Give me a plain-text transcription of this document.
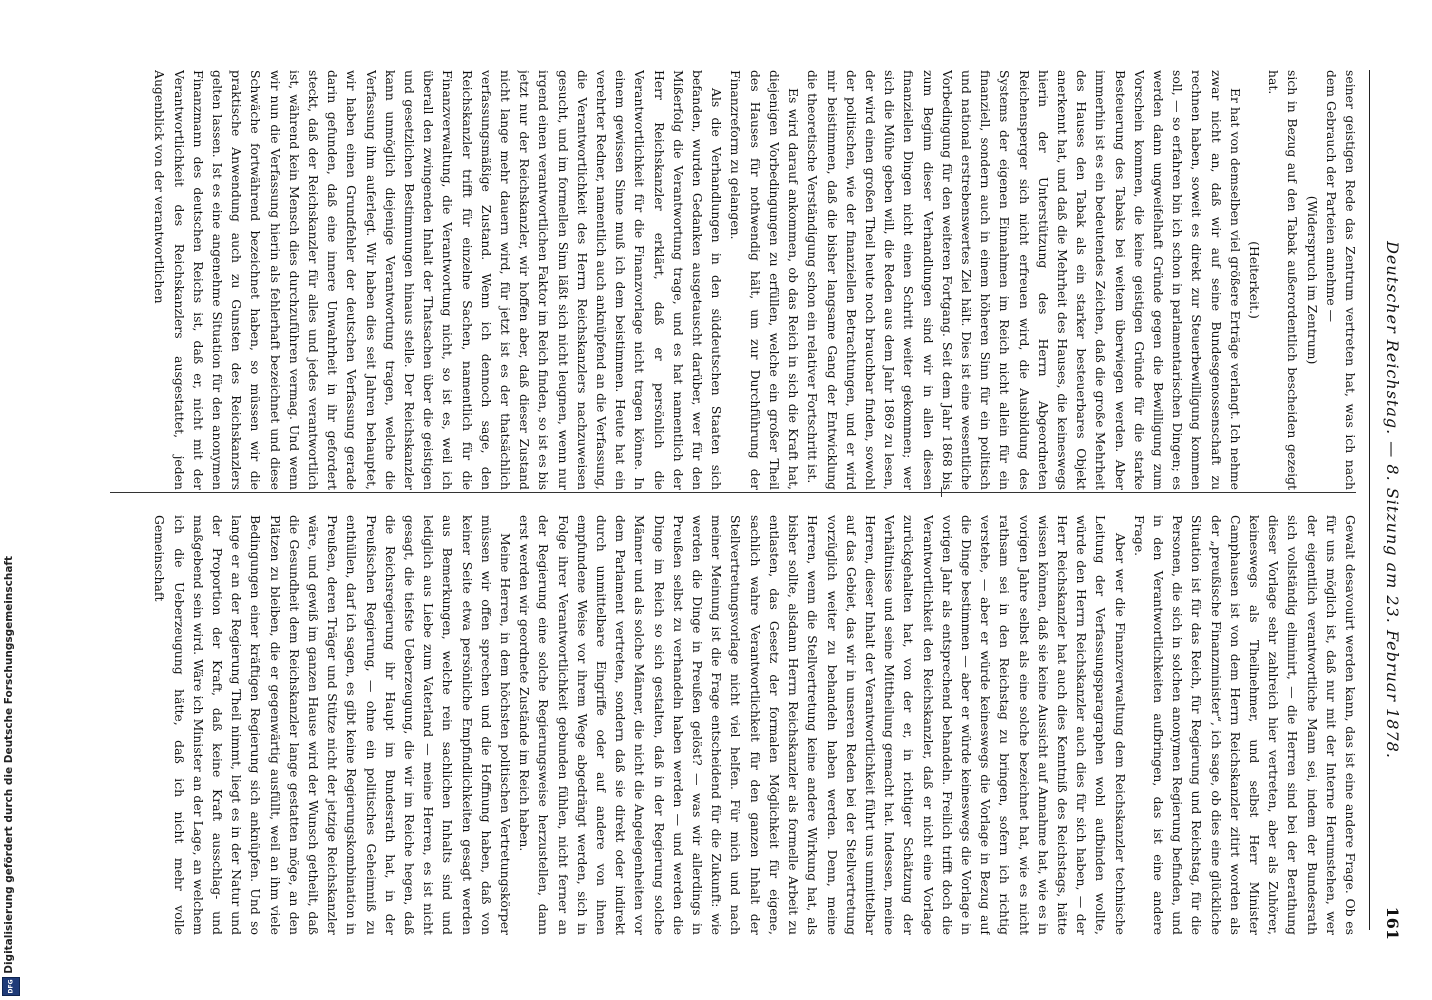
Deutscher Reichstag. — 8. Sitzung am 23. Februar 1878.
161

seiner geistigen Rede das Zentrum vertreten hat, was ich nach dem Gebrauch der Parteien annehme —

(Widerspruch im Zentrum)

sich in Bezug auf den Tabak außerordentlich bescheiden gezeigt hat.

(Heiterkeit.)

Er hat von demselben viel größere Erträge verlangt. Ich nehme zwar nicht an, daß wir auf seine Bundesgenossenschaft zu rechnen haben, soweit es direkt zur Steuerbewilligung kommen soll, — so erfahren bin ich schon in parlamentarischen Dingen; es werden dann ungweifelhaft Gründe gegen die Bewilligung zum Vorschein kommen, die keine geistigen Gründe für die starke Besteuerung des Tabaks bei weitem überwiegen werden. Aber immerhin ist es ein bedeutendes Zeichen, daß die große Mehrheit des Hauses den Tabak als ein starker besteuerbares Objekt anerkennt hat, und daß die Mehrheit des Hauses, die keineswegs hierin der Unterstützung des Herrn Abgeordneten Reichensperger sich nicht erfreuen wird, die Ausbildung des Systems der eigenen Einnahmen im Reich nicht allein für ein finanziell, sondern auch in einem höheren Sinn für ein politisch und national erstrebenswertes Ziel hält. Dies ist eine wesentliche Vorbedingung für den weiteren Fortgang. Seit dem Jahr 1868 bis zum Beginn dieser Verhandlungen sind wir in allen diesen finanziellen Dingen nicht einen Schritt weiter gekommen; wer sich die Mühe geben will, die Reden aus dem Jahr 1869 zu lesen, der wird einen großen Theil heute noch brauchbar finden, sowohl der politischen, wie der finanziellen Betrachtungen, und er wird mir beistimmen, daß die bisher langsame Gang der Entwicklung die theoretische Verständigung schon ein relativer Fortschritt ist.

Es wird darauf ankommen, ob das Reich in sich die Kraft hat, diejenigen Vorbedingungen zu erfüllen, welche ein großer Theil des Hauses für nothwendig hält, um zur Durchführung der Finanzreform zu gelangen.

Als die Verhandlungen in den süddeutschen Staaten sich befanden, wurden Gedanken ausgetauscht darüber, wer für den Mißerfolg die Verantwortung trage, und es hat namentlich der Herr Reichskanzler erklärt, daß er persönlich die Verantwortlichkeit für die Finanzvorlage nicht tragen könne. In einem gewissen Sinne muß ich dem beistimmen. Heute hat ein verehrter Redner, namentlich auch anknüpfend an die Verfassung, die Verantwortlichkeit des Herrn Reichskanzlers nachzuweisen gesucht, und im formellen Sinn läßt sich nicht leugnen, wenn nur irgend einen verantwortlichen Faktor im Reich finden, so ist es bis jetzt nur der Reichskanzler, wir hoffen aber, daß dieser Zustand nicht lange mehr dauern wird, für jetzt ist es der thatsächlich verfassungsmäßige Zustand. Wenn ich dennoch sage, den Reichskanzler trifft für einzelne Sachen, namentlich für die Finanzverwaltung, die Verantwortung nicht, so ist es, weil ich überall den zwingenden Inhalt der Thatsachen über die geistigen und gesetzlichen Bestimmungen hinaus stelle. Der Reichskanzler kann unmöglich diejenige Verantwortung tragen, welche die Verfassung ihm auferlegt. Wir haben dies seit Jahren behauptet, wir haben einen Grundfehler der deutschen Verfassung gerade darin gefunden, daß eine innere Unwahrheit in ihr gefordert steckt, daß der Reichskanzler für alles und jedes verantwortlich ist, während kein Mensch dies durchzuführen vermag. Und wenn wir nun die Verfassung hierin als fehlerhaft bezeichnet und diese Schwäche fortwährend bezeichnet haben, so müssen wir die praktische Anwendung auch zu Gunsten des Reichskanzlers gelten lassen. Ist es eine angenehme Situation für den anonymen Finanzmann des deutschen Reichs ist, daß er, nicht mit der Verantwortlichkeit des Reichskanzlers ausgestattet, jeden Augenblick von der verantwortlichen

Gewalt desavouirt werden kann, das ist eine andere Frage. Ob es für uns möglich ist, daß nur mit der Interne Herumstehen, wer der eigentlich verantwortliche Mann sei, indem der Bundesrath sich vollständig eliminirt, — die Herren sind bei der Berathung dieser Vorlage sehr zahlreich hier vertreten, aber als Zuhörer, keineswegs als Theilnehmer, und selbst Herr Minister Camphausen ist von dem Herrn Reichskanzler zitirt worden als der „preußische Finanzminister“, ich sage, ob dies eine glückliche Situation ist für das Reich, für Regierung und Reichstag, für die Personen, die sich in solchen anonymen Regierung befinden, und in den Verantwortlichkeiten aufbringen, das ist eine andere Frage.

Aber wer die Finanzverwaltung dem Reichskanzler technische Leitung der Verfassungsparagraphen wohl aufbinden wollte, würde den Herrn Reichskanzler auch dies für sich haben, — der Herr Reichskanzler hat auch dies Kenntniß des Reichstags, hätte wissen können, daß sie keine Aussicht auf Annahme hat, wie es in vorigen Jahre selbst als eine solche bezeichnet hat, wie es nicht rathsam sei in den Reichstag zu bringen, sofern ich richtig verstehe, — aber er würde keineswegs die Vorlage in Bezug auf die Dinge bestimmen — aber er würde keineswegs die Vorlage in vorigen Jahr als entsprechend behandeln. Freilich trifft doch die Verantwortlichkeit den Reichskanzler, daß er nicht eine Vorlage zurückgehalten hat, von der er, in richtiger Schätzung der Verhältnisse und seine Mittheilung gemacht hat. Indessen, meine Herren, dieser Inhalt der Verantwortlichkeit führt uns unmittelbar auf das Gebiet, das wir in unseren Reden bei der Stellvertretung vorzüglich weiter zu behandeln haben werden. Denn, meine Herren, wenn die Stellvertretung keine andere Wirkung hat, als bisher sollte, alsdann Herrn Reichskanzler als formelle Arbeit zu entlasten, das Gesetz der formalen Möglichkeit für eigene, sachlich wahre Verantwortlichkeit für den ganzen Inhalt der Stellvertretungsvorlage nicht viel helfen. Für mich und nach meiner Meinung ist die Frage entscheidend für die Zukunft: wie werden die Dinge in Preußen gelöst? — was wir allerdings in Preußen selbst zu verhandeln haben werden — und werden die Dinge im Reich so sich gestalten, daß in der Regierung solche Männer und als solche Männer, die nicht die Angelegenheiten vor dem Parlament vertreten, sondern daß sie direkt oder indirekt durch unmittelbare Eingriffe oder auf andere von ihnen empfundene Weise vor ihrem Wege abgedrängt werden, sich in Folge ihrer Verantwortlichkeit gebunden fühlen, nicht ferner an der Regierung eine solche Regierungsweise herzustellen, dann erst werden wir geordnete Zustände im Reich haben.

Meine Herren, in dem höchsten politischen Vertretungskörper müssen wir offen sprechen und die Hoffnung haben, daß von keiner Seite etwa persönliche Empfindlichkeiten gesagt werden aus Bemerkungen, welche rein sachlichen Inhalts sind und lediglich aus Liebe zum Vaterland — meine Herren, es ist nicht gesagt, die tiefste Ueberzeugung, die wir im Reiche hegen, daß die Reichsregierung ihr Haupt im Bundesrath hat, in der Preußischen Regierung, — ohne ein politisches Geheimniß zu enthüllen, darf ich sagen, es gibt keine Regierungskombination in Preußen, deren Träger und Stütze nicht der jetzige Reichskanzler wäre, und gewiß im ganzen Hause wird der Wunsch getheilt, daß die Gesundheit dem Reichskanzler lange gestatten möge, an den Plätzen zu bleiben, die er gegenwärtig ausfüllt, weil an ihm viele Bedingungen einer kräftigen Regierung sich anknüpfen. Und so lange er an der Regierung Theil nimmt, liegt es in der Natur und der Proportion der Kraft, daß keine Kraft ausschlag- und maßgebend sein wird. Wäre ich Minister an der Lage, an welchem ich die Ueberzeugung hätte, daß ich nicht mehr volle Gemeinschaft

Digitalisierung gefördert durch die Deutsche Forschungsgemeinschaft
DFG
